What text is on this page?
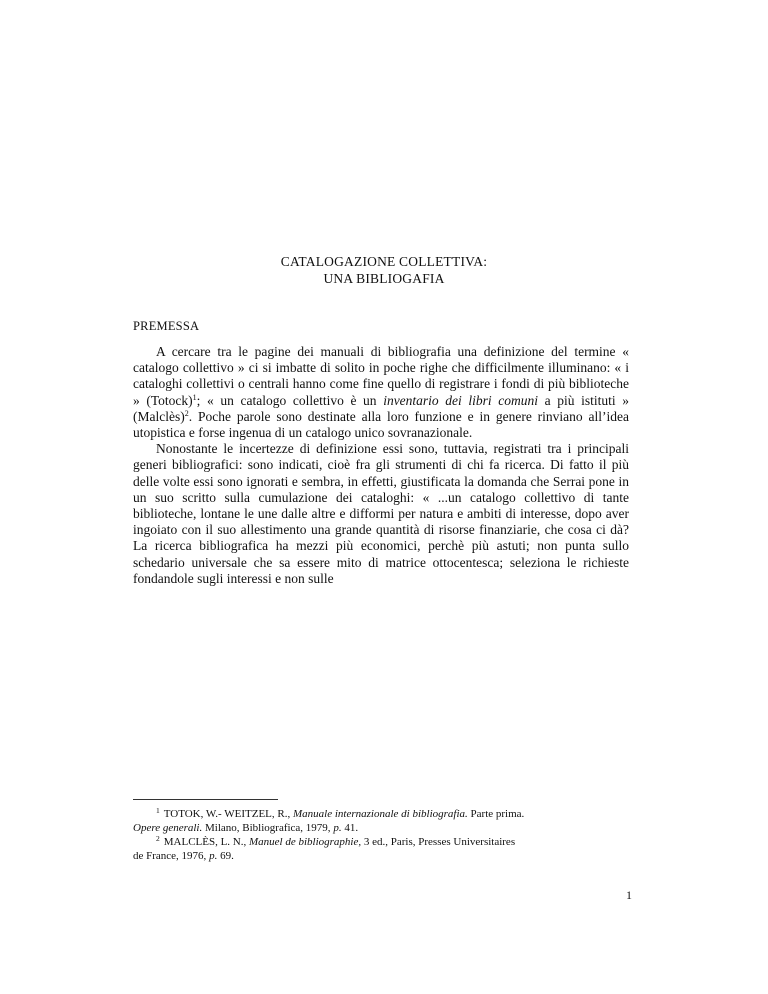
CATALOGAZIONE COLLETTIVA:
UNA BIBLIOGAFIA
PREMESSA

A cercare tra le pagine dei manuali di bibliografia una definizione del termine « catalogo collettivo » ci si imbatte di solito in poche righe che difficilmente illuminano: « i cataloghi collettivi o centrali hanno come fine quello di registrare i fondi di più biblioteche » (Totock)$^1$; « un catalogo collettivo è un inventario dei libri comuni a più istituti » (Malclès)$^2$. Poche parole sono destinate alla loro funzione e in genere rinviano all’idea utopistica e forse ingenua di un catalogo unico sovranazionale.

Nonostante le incertezze di definizione essi sono, tuttavia, registrati tra i principali generi bibliografici: sono indicati, cioè fra gli strumenti di chi fa ricerca. Di fatto il più delle volte essi sono ignorati e sembra, in effetti, giustificata la domanda che Serrai pone in un suo scritto sulla cumulazione dei cataloghi: « ...un catalogo collettivo di tante biblioteche, lontane le une dalle altre e difformi per natura e ambiti di interesse, dopo aver ingoiato con il suo allestimento una grande quantità di risorse finanziarie, che cosa ci dà? La ricerca bibliografica ha mezzi più economici, perchè più astuti; non punta sullo schedario universale che sa essere mito di matrice ottocentesca; seleziona le richieste fondandole sugli interessi e non sulle

$^1$ TOTOK, W.- WEITZEL, R., Manuale internazionale di bibliografia. Parte prima.

Opere generali. Milano, Bibliografica, 1979, p. 41.

$^2$ MALCLÈS, L. N., Manuel de bibliographie, 3 ed., Paris, Presses Universitaires

de France, 1976, p. 69.

1
